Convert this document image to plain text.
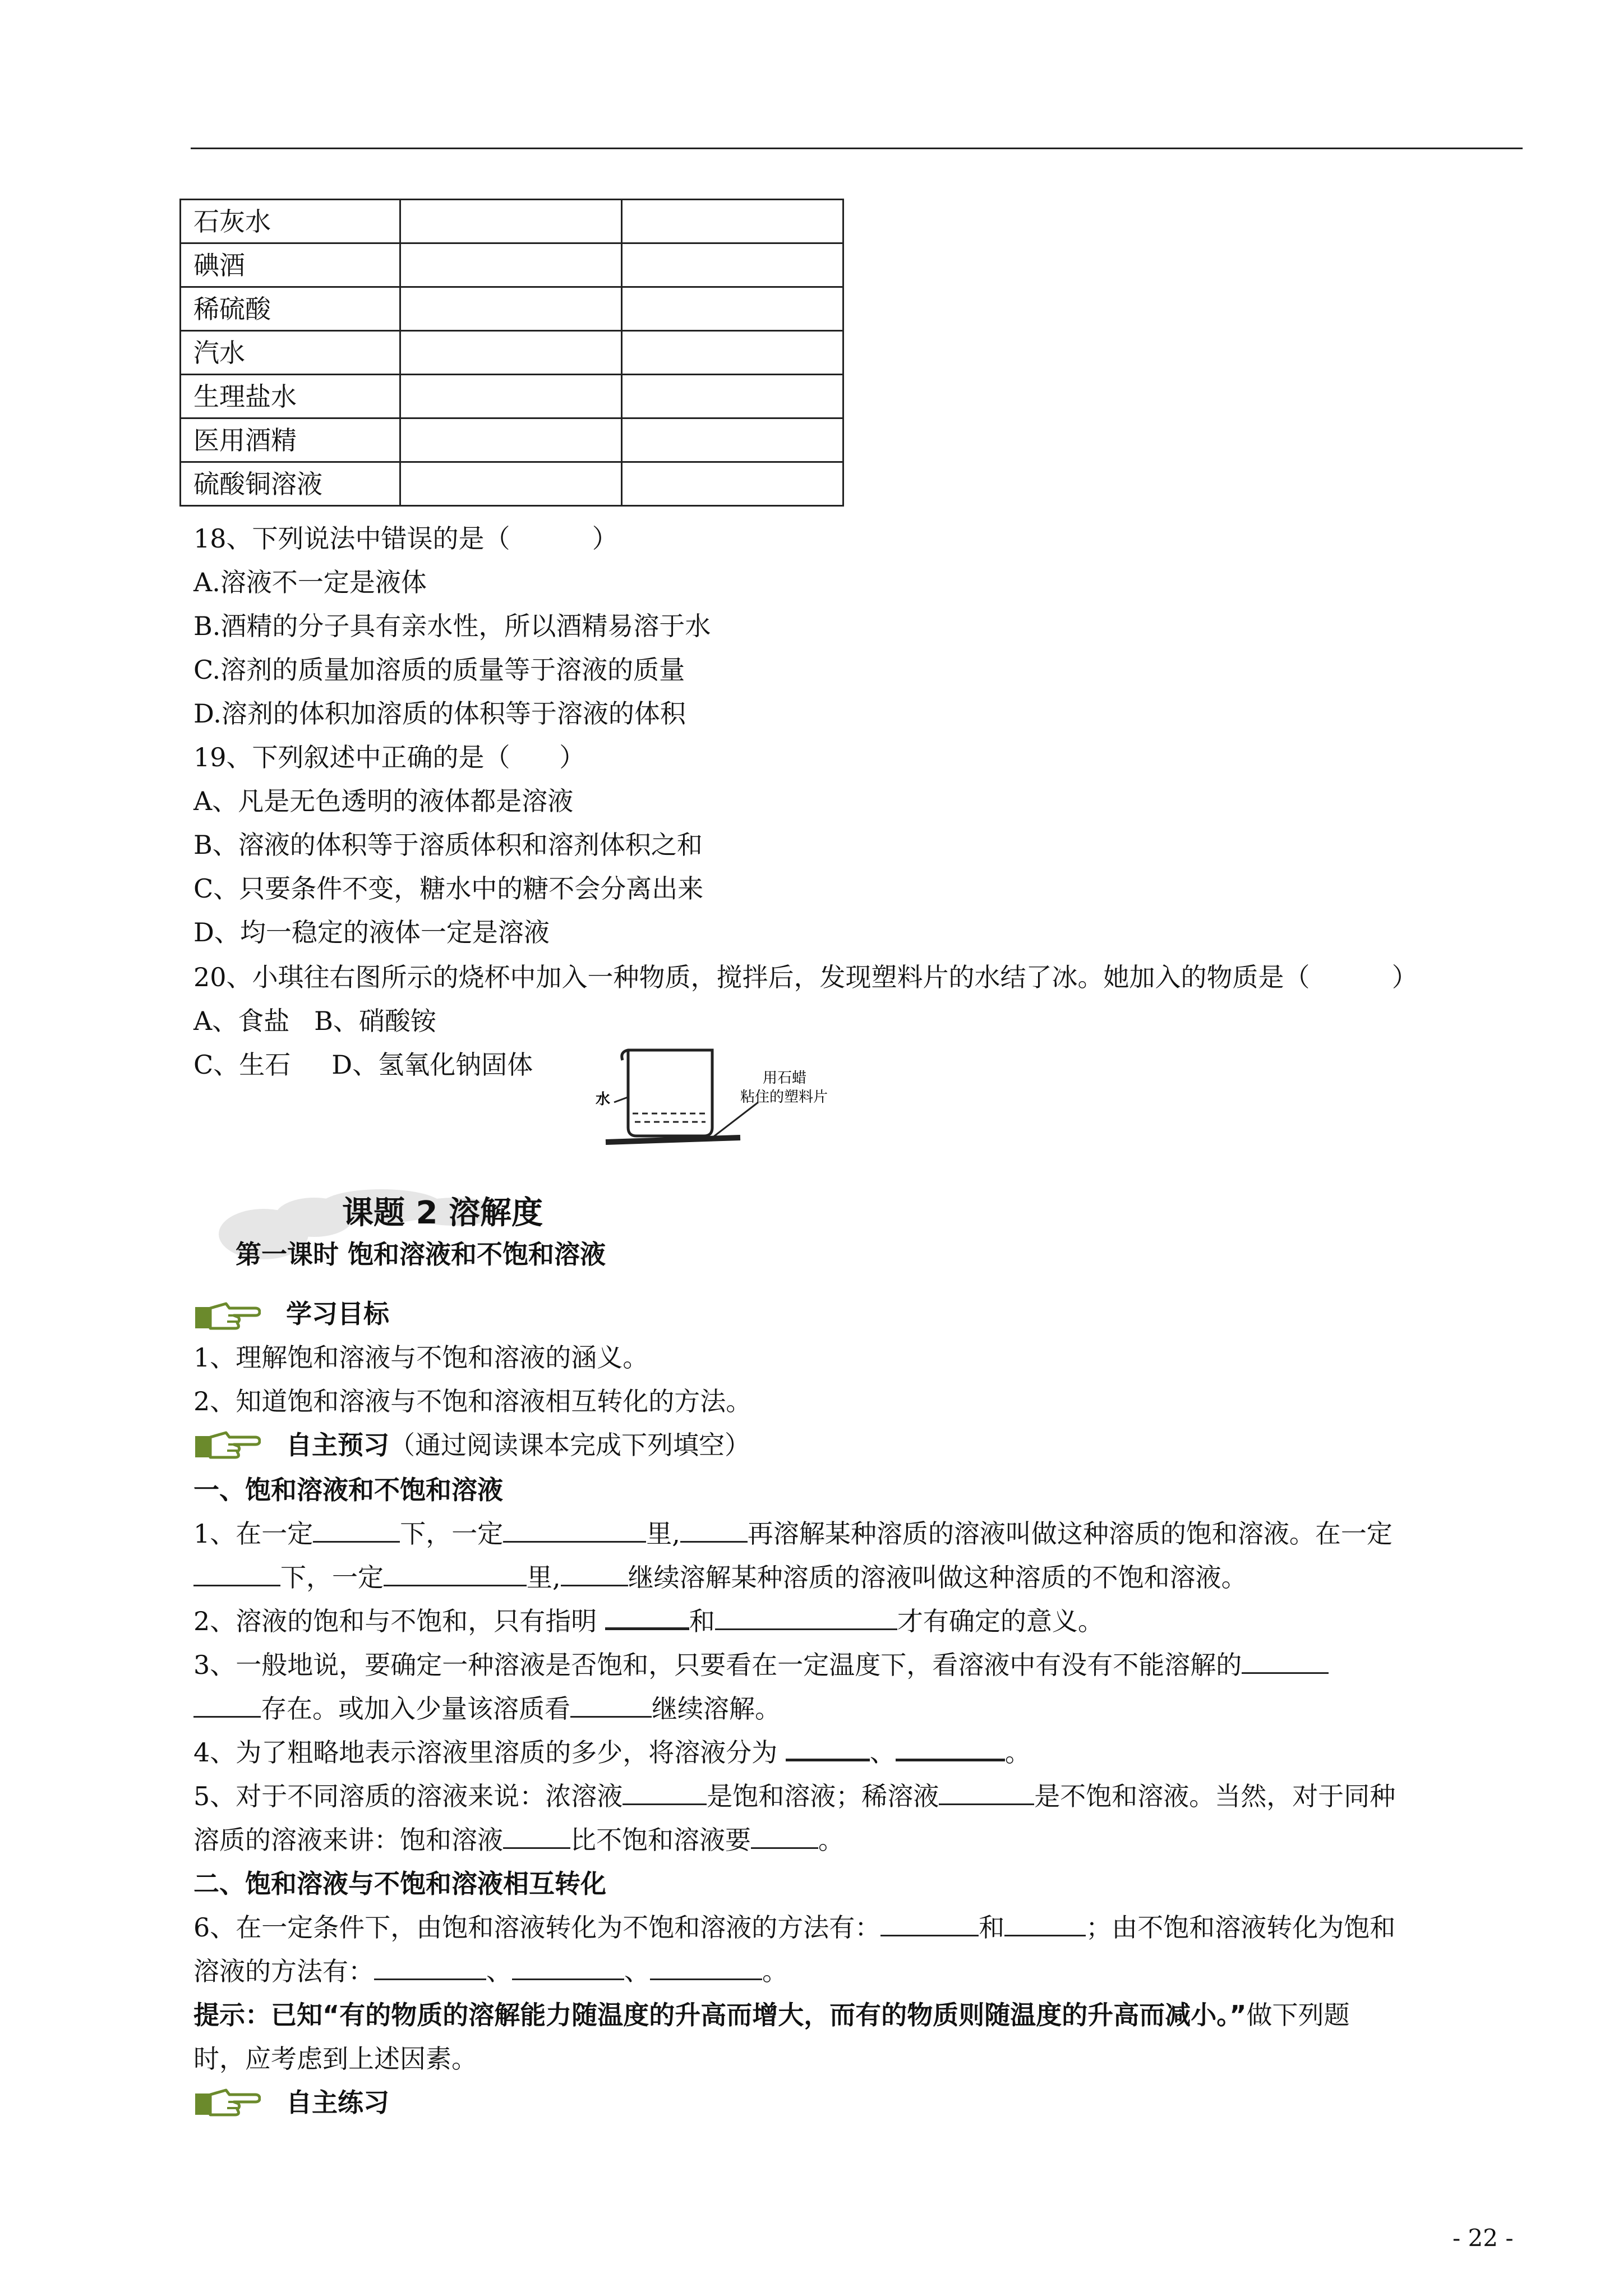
石灰水		
碘酒		
稀硫酸		
汽水		
生理盐水		
医用酒精		
硫酸铜溶液		
18、下列说法中错误的是（          ）
A.溶液不一定是液体
B.酒精的分子具有亲水性，所以酒精易溶于水
C.溶剂的质量加溶质的质量等于溶液的质量
D.溶剂的体积加溶质的体积等于溶液的体积
19、下列叙述中正确的是（      ）
A、凡是无色透明的液体都是溶液
B、溶液的体积等于溶质体积和溶剂体积之和
C、只要条件不变，糖水中的糖不会分离出来
D、均一稳定的液体一定是溶液
20、小琪往右图所示的烧杯中加入一种物质，搅拌后，发现塑料片的水结了冰。她加入的物质是（          ）
A、食盐   B、硝酸铵
C、生石     D、氢氧化钠固体
水
用石蜡
粘住的塑料片
课题 2 溶解度
第一课时 饱和溶液和不饱和溶液
学习目标
1、理解饱和溶液与不饱和溶液的涵义。
2、知道饱和溶液与不饱和溶液相互转化的方法。
自主预习（通过阅读课本完成下列填空）
一、饱和溶液和不饱和溶液
1、在一定	下，一定	里,	再溶解某种溶质的溶液叫做这种溶质的饱和溶液。在一定
下，一定	里,	继续溶解某种溶质的溶液叫做这种溶质的不饱和溶液。
2、溶液的饱和与不饱和，只有指明	和	才有确定的意义。
3、一般地说，要确定一种溶液是否饱和，只要看在一定温度下，看溶液中有没有不能溶解的
存在。或加入少量该溶质看	继续溶解。
4、为了粗略地表示溶液里溶质的多少，将溶液分为	、	。
5、对于不同溶质的溶液来说：浓溶液	是饱和溶液；稀溶液	是不饱和溶液。当然，对于同种
溶质的溶液来讲：饱和溶液	比不饱和溶液要	。
二、饱和溶液与不饱和溶液相互转化
6、在一定条件下，由饱和溶液转化为不饱和溶液的方法有：	和	；由不饱和溶液转化为饱和
溶液的方法有：	、	、	。
提示：已知“有的物质的溶解能力随温度的升高而增大，而有的物质则随温度的升高而减小。”做下列题
时，应考虑到上述因素。
自主练习
- 22 -
